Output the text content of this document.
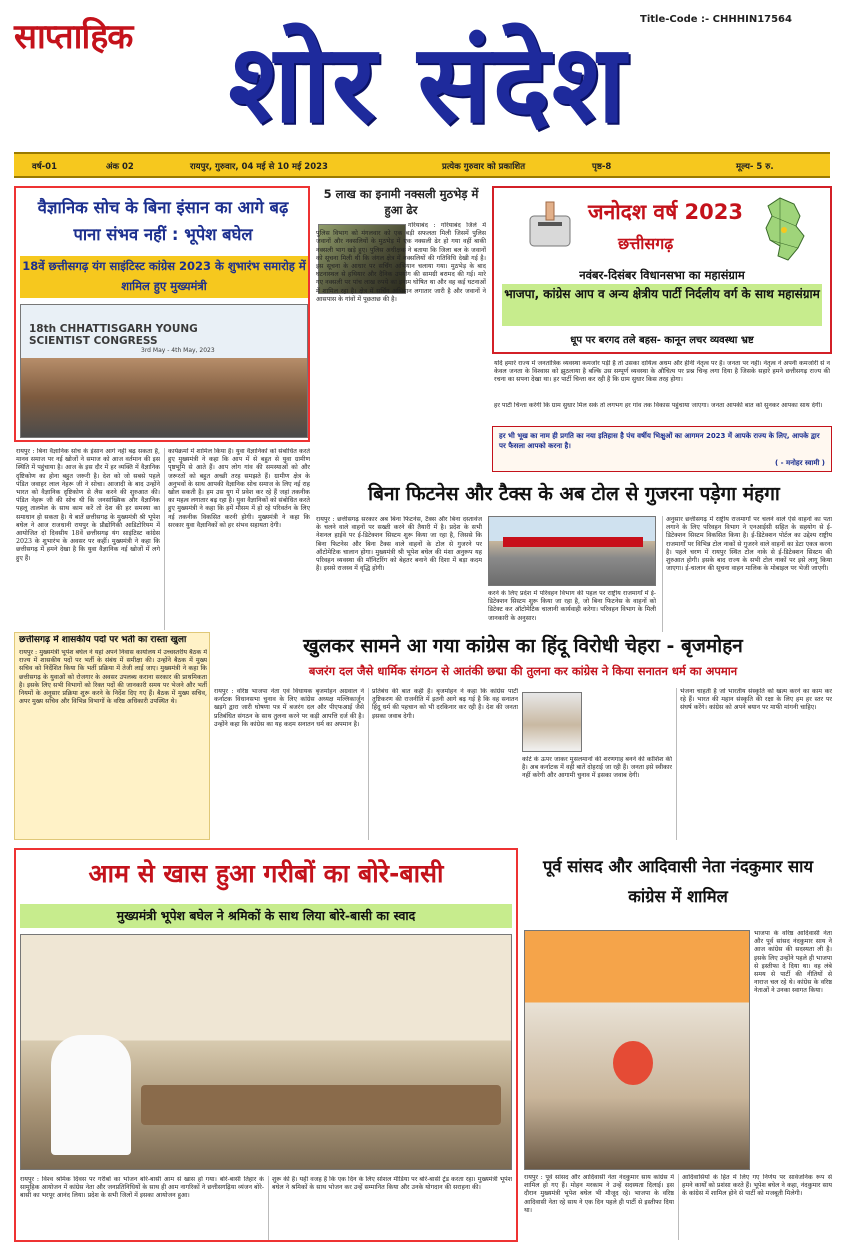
साप्ताहिक	Title-Code :- CHHHIN17564
शोर संदेश
वर्ष-01	अंक 02	रायपुर, गुरुवार, 04 मई से 10 मई 2023	प्रत्येक गुरुवार को प्रकाशित	पृष्ठ-8	मूल्य- 5 रु.
वैज्ञानिक सोच के बिना इंसान का आगे बढ़ पाना संभव नहीं : भूपेश बघेल
18वें छत्तीसगढ़ यंग साइंटिस्ट कांग्रेस 2023 के शुभारंभ समारोह में शामिल हुए मुख्यमंत्री
18th CHHATTISGARH YOUNG SCIENTIST CONGRESS
3rd May - 4th May, 2023
रायपुर : बिना वैज्ञानिक सोच के इंसान आगे नहीं बढ़ सकता है, मानव समाज पर नई खोजों ने समाज को आज वर्तमान की इस स्थिति में पहुंचाया है। आज के इस दौर में हर व्यक्ति में वैज्ञानिक दृष्टिकोण का होना बहुत जरूरी है। देश को जो सबसे पहले पंडित जवाहर लाल नेहरू जी ने सोचा। आजादी के बाद उन्होंने भारत को वैज्ञानिक दृष्टिकोण से लैस करने की शुरुआत की। पंडित नेहरू जी की सोच थी कि जनसांख्यिक और वैज्ञानिक पहलू तालमेल के साथ काम करें तो देश की हर समस्या का समाधान हो सकता है। ये बातें छत्तीसगढ़ के मुख्यमंत्री श्री भूपेश बघेल ने आज राजधानी रायपुर के प्रौद्योगिकी आडिटोरियम में आयोजित दो दिवसीय 18वें छत्तीसगढ़ यंग साइंटिस्ट कांग्रेस 2023 के शुभारंभ के अवसर पर कहीं। मुख्यमंत्री ने कहा कि छत्तीसगढ़ में हमने देखा है कि युवा वैज्ञानिक नई खोजों में लगे हुए हैं।
कार्यक्रमों में शामिल किया है। युवा वैज्ञानिकों को संबोधित करते हुए मुख्यमंत्री ने कहा कि आप में से बहुत से युवा ग्रामीण पृष्ठभूमि से आते हैं। आप लोग गांव की समस्याओं को और जरूरतों को बहुत अच्छी तरह समझते हैं। ग्रामीण क्षेत्र के अनुभवों के साथ आपकी वैज्ञानिक सोच समाज के लिए नई राह खोल सकती है। हम उस युग में प्रवेश कर रहे हैं जहां तकनीक का महत्व लगातार बढ़ रहा है। युवा वैज्ञानिकों को संबोधित करते हुए मुख्यमंत्री ने कहा कि हमें मौसम में हो रहे परिवर्तन के लिए नई तकनीक विकसित करनी होगी। मुख्यमंत्री ने कहा कि सरकार युवा वैज्ञानिकों को हर संभव सहायता देगी।
5 लाख का इनामी नक्सली मुठभेड़ में हुआ ढेर
गरियाबंद : गरियाबंद जिले में पुलिस विभाग को मंगलवार को एक बड़ी सफलता मिली जिसमें पुलिस जवानों और नक्सलियों के मुठभेड़ में एक नक्सली ढेर हो गया वहीं बाकी नक्सली भाग खड़े हुए। पुलिस अधीक्षक ने बताया कि जिला बल के जवानों को सूचना मिली थी कि जंगल क्षेत्र में नक्सलियों की गतिविधि देखी गई है। इस सूचना के आधार पर सर्चिंग अभियान चलाया गया। मुठभेड़ के बाद घटनास्थल से हथियार और दैनिक उपयोग की सामग्री बरामद की गई। मारे गए नक्सली पर पांच लाख रुपये का इनाम घोषित था और वह कई घटनाओं में शामिल रहा है। क्षेत्र में सर्चिंग अभियान लगातार जारी है और जवानों ने आसपास के गांवों में पूछताछ की है।
जनोदश वर्ष 2023
छत्तीसगढ़
नवंबर-दिसंबर विधानसभा का महासंग्राम
भाजपा, कांग्रेस आप व अन्य क्षेत्रीय पार्टी निर्दलीय वर्ग के साथ महासंग्राम
धूप पर बरगद तले बहस- कानून लचर व्यवस्था भ्रष्ट
यदि हमारे राज्य में जनतांत्रिक व्यवस्था कमजोर पड़ी है तो उसका दायित्व अधम और हीनी नेतृत्व पर है। जनता पर नहीं। नेतृत्व ने अपनी कमजोरी से न केवल जनता के विश्वास को झुठलाया है बल्कि उस सम्पूर्ण व्यवस्था के औचित्य पर प्रश्न चिन्ह लगा दिया है जिसके सहारे हमने छत्तीसगढ़ राज्य की रचना का सपना देखा था। हर पार्टी चिन्ता कर रही है कि ग्राम सुधार किस तरह होगा।
हर पार्टी चिन्ता करेगी कि ग्राम सुधार मिल सके तो लगभग हर गांव तक विकास पहुंचाया जाएगा। जनता आपकी बात को सुनकर आपका साथ देगी।
हर भी भूख का नाम ही प्रगति का नया इतिहास है पंच वर्षीय भिक्षुओं का आगमन 2023 में आपके राज्य के लिए, आपके द्वार पर फैसला आपको करना है।
( - मनोहर स्वामी )
बिना फिटनेस और टैक्स के अब टोल से गुजरना पड़ेगा मंहगा
रायपुर : छत्तीसगढ़ सरकार अब बिना फिटनेस, टैक्स और बिना दस्तावेज के चलने वाले वाहनों पर सख्ती करने की तैयारी में है। प्रदेश के सभी नेशनल हाईवे पर ई-डिटेक्शन सिस्टम शुरू किया जा रहा है, जिससे कि बिना फिटनेस और बिना टैक्स वाले वाहनों के टोल से गुजरने पर ऑटोमेटिक चालान होगा। मुख्यमंत्री श्री भूपेश बघेल की मंशा अनुरूप यह परिवहन व्यवस्था की मॉनिटरिंग को बेहतर बनाने की दिशा में बड़ा कदम है। इससे राजस्व में वृद्धि होगी।
करने के लिए प्रदेश में परिवहन विभाग की पहल पर राष्ट्रीय राजमार्गों में ई-डिटेक्शन सिस्टम शुरू किया जा रहा है, जो बिना फिटनेस के वाहनों को डिटेक्ट कर ऑटोमेटिक चालानी कार्यवाही करेगा। परिवहन विभाग के मिली जानकारी के अनुसार।
अनुसार छत्तीसगढ़ में राष्ट्रीय राजमार्गों पर चलने वाले ऐसे वाहनों का पता लगाने के लिए परिवहन विभाग ने एनआईसी सहित के सहयोग से ई-डिटेक्शन सिस्टम विकसित किया है। ई-डिटेक्शन पोर्टल का उद्देश्य राष्ट्रीय राजमार्गों पर विभिन्न टोल नाकों से गुजरने वाले वाहनों का डेटा एकत्र करना है। पहले चरण में रायपुर स्थित टोल नाके से ई-डिटेक्शन सिस्टम की शुरुआत होगी। इसके बाद राज्य के सभी टोल नाकों पर इसे लागू किया जाएगा। ई-चालान की सूचना वाहन मालिक के मोबाइल पर भेजी जाएगी।
छत्तीसगढ़ में शासकीय पदों पर भर्ती का रास्ता खुला
रायपुर : मुख्यमंत्री भूपेश बघेल ने यहां अपने निवास कार्यालय में उच्चस्तरीय बैठक में राज्य में शासकीय पदों पर भर्ती के संबंध में समीक्षा की। उन्होंने बैठक में मुख्य सचिव को निर्देशित किया कि भर्ती प्रक्रिया में तेजी लाई जाए। मुख्यमंत्री ने कहा कि छत्तीसगढ़ के युवाओं को रोजगार के अवसर उपलब्ध कराना सरकार की प्राथमिकता है। इसके लिए सभी विभागों को रिक्त पदों की जानकारी समय पर भेजने और भर्ती नियमों के अनुसार प्रक्रिया शुरू करने के निर्देश दिए गए हैं। बैठक में मुख्य सचिव, अपर मुख्य सचिव और विभिन्न विभागों के वरिष्ठ अधिकारी उपस्थित थे।
खुलकर सामने आ गया कांग्रेस का हिंदू विरोधी चेहरा - बृजमोहन
बजरंग दल जैसे धार्मिक संगठन से आतंकी छद्मा की तुलना कर कांग्रेस ने किया सनातन धर्म का अपमान
रायपुर : वरिष्ठ भाजपा नेता एवं विधायक बृजमोहन अग्रवाल ने कर्नाटक विधानसभा चुनाव के लिए कांग्रेस अध्यक्ष मल्लिकार्जुन खड़गे द्वारा जारी घोषणा पत्र में बजरंग दल और पीएफआई जैसे प्रतिबंधित संगठन के साथ तुलना करने पर कड़ी आपत्ति दर्ज की है। उन्होंने कहा कि कांग्रेस का यह कदम सनातन धर्म का अपमान है।
प्रतिबंध की बात कही है। बृजमोहन ने कहा कि कांग्रेस पार्टी तुष्टिकरण की राजनीति में इतनी आगे बढ़ गई है कि वह सनातन हिंदू धर्म की पहचान को भी दरकिनार कर रही है। देश की जनता इसका जवाब देगी।
कोर्ट के ऊपर जाकर मुसलमानों की शरणगाह बनने की कोशिश की है। अब कर्नाटक में वही बातें दोहराई जा रही हैं। जनता इसे स्वीकार नहीं करेगी और आगामी चुनाव में इसका जवाब देगी।
भेजना चाहती है जो भारतीय संस्कृति को खत्म करने का काम कर रहे हैं। भारत की महान संस्कृति की रक्षा के लिए हम हर स्तर पर संघर्ष करेंगे। कांग्रेस को अपने बयान पर माफी मांगनी चाहिए।
आम से खास हुआ गरीबों का बोरे-बासी
मुख्यमंत्री भूपेश बघेल ने श्रमिकों के साथ लिया बोरे-बासी का स्वाद
रायपुर : विश्व श्रमिक दिवस पर गरीबों का भोजन बोरे-बासी आम से खास हो गया। बोरे-बासी तिहार के सामूहिक आयोजन में कांग्रेस नेता और जनप्रतिनिधियों के साथ ही आम नागरिकों ने छत्तीसगढ़िया व्यंजन बोरे-बासी का भरपूर आनंद लिया। प्रदेश के सभी जिलों में इसका आयोजन हुआ।
शुरू की है। यही वजह है कि एक दिन के लिए सोशल मीडिया पर बोरे-बासी ट्रेंड करता रहा। मुख्यमंत्री भूपेश बघेल ने श्रमिकों के साथ भोजन कर उन्हें सम्मानित किया और उनके योगदान की सराहना की।
पूर्व सांसद और आदिवासी नेता नंदकुमार साय कांग्रेस में शामिल
भाजपा के वरिष्ठ आदिवासी नेता और पूर्व सांसद नंदकुमार साय ने आज कांग्रेस की सदस्यता ली है। इसके लिए उन्होंने पहले ही भाजपा से इस्तीफा दे दिया था। वह लंबे समय से पार्टी की नीतियों से नाराज चल रहे थे। कांग्रेस के वरिष्ठ नेताओं ने उनका स्वागत किया।
रायपुर : पूर्व सांसद और आदिवासी नेता नंदकुमार साय कांग्रेस में शामिल हो गए हैं। मोहन मरकाम ने उन्हें सदस्यता दिलाई। इस दौरान मुख्यमंत्री भूपेश बघेल भी मौजूद रहे। भाजपा के वरिष्ठ आदिवासी नेता रहे साय ने एक दिन पहले ही पार्टी से इस्तीफा दिया था।
आदिवासियों के हित में लिए गए निर्णय पर सार्वजनिक रूप से हमने कार्यों को प्रशंसा करते हैं। भूपेश बघेल ने कहा, नंदकुमार साय के कांग्रेस में शामिल होने से पार्टी को मजबूती मिलेगी।
